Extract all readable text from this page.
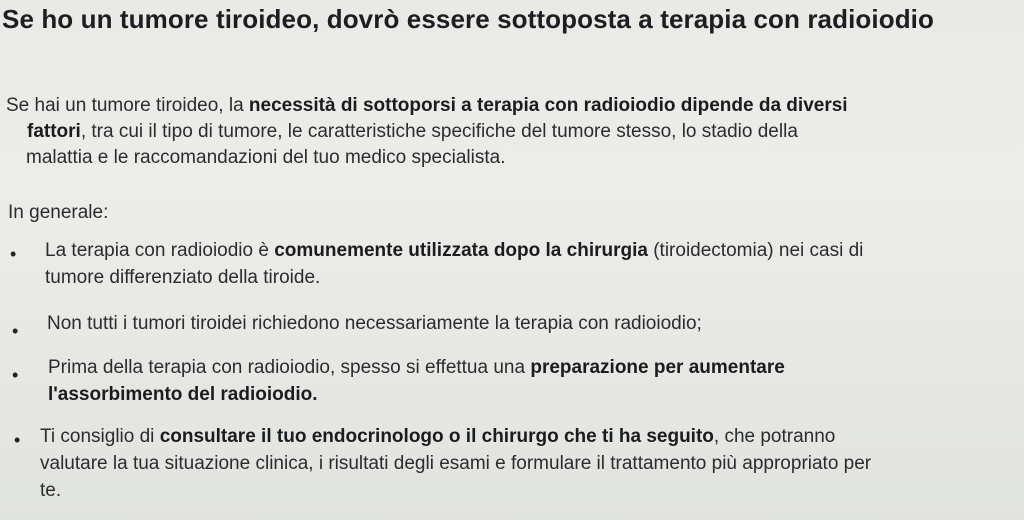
Se ho un tumore tiroideo, dovrò essere sottoposta a terapia con radioiodio
Se hai un tumore tiroideo, la necessità di sottoporsi a terapia con radioiodio dipende da diversi
fattori, tra cui il tipo di tumore, le caratteristiche specifiche del tumore stesso, lo stadio della
malattia e le raccomandazioni del tuo medico specialista.
In generale:
• La terapia con radioiodio è comunemente utilizzata dopo la chirurgia (tiroidectomia) nei casi di
tumore differenziato della tiroide.
• Non tutti i tumori tiroidei richiedono necessariamente la terapia con radioiodio;
• Prima della terapia con radioiodio, spesso si effettua una preparazione per aumentare
l'assorbimento del radioiodio.
• Ti consiglio di consultare il tuo endocrinologo o il chirurgo che ti ha seguito, che potranno
valutare la tua situazione clinica, i risultati degli esami e formulare il trattamento più appropriato per
te.
